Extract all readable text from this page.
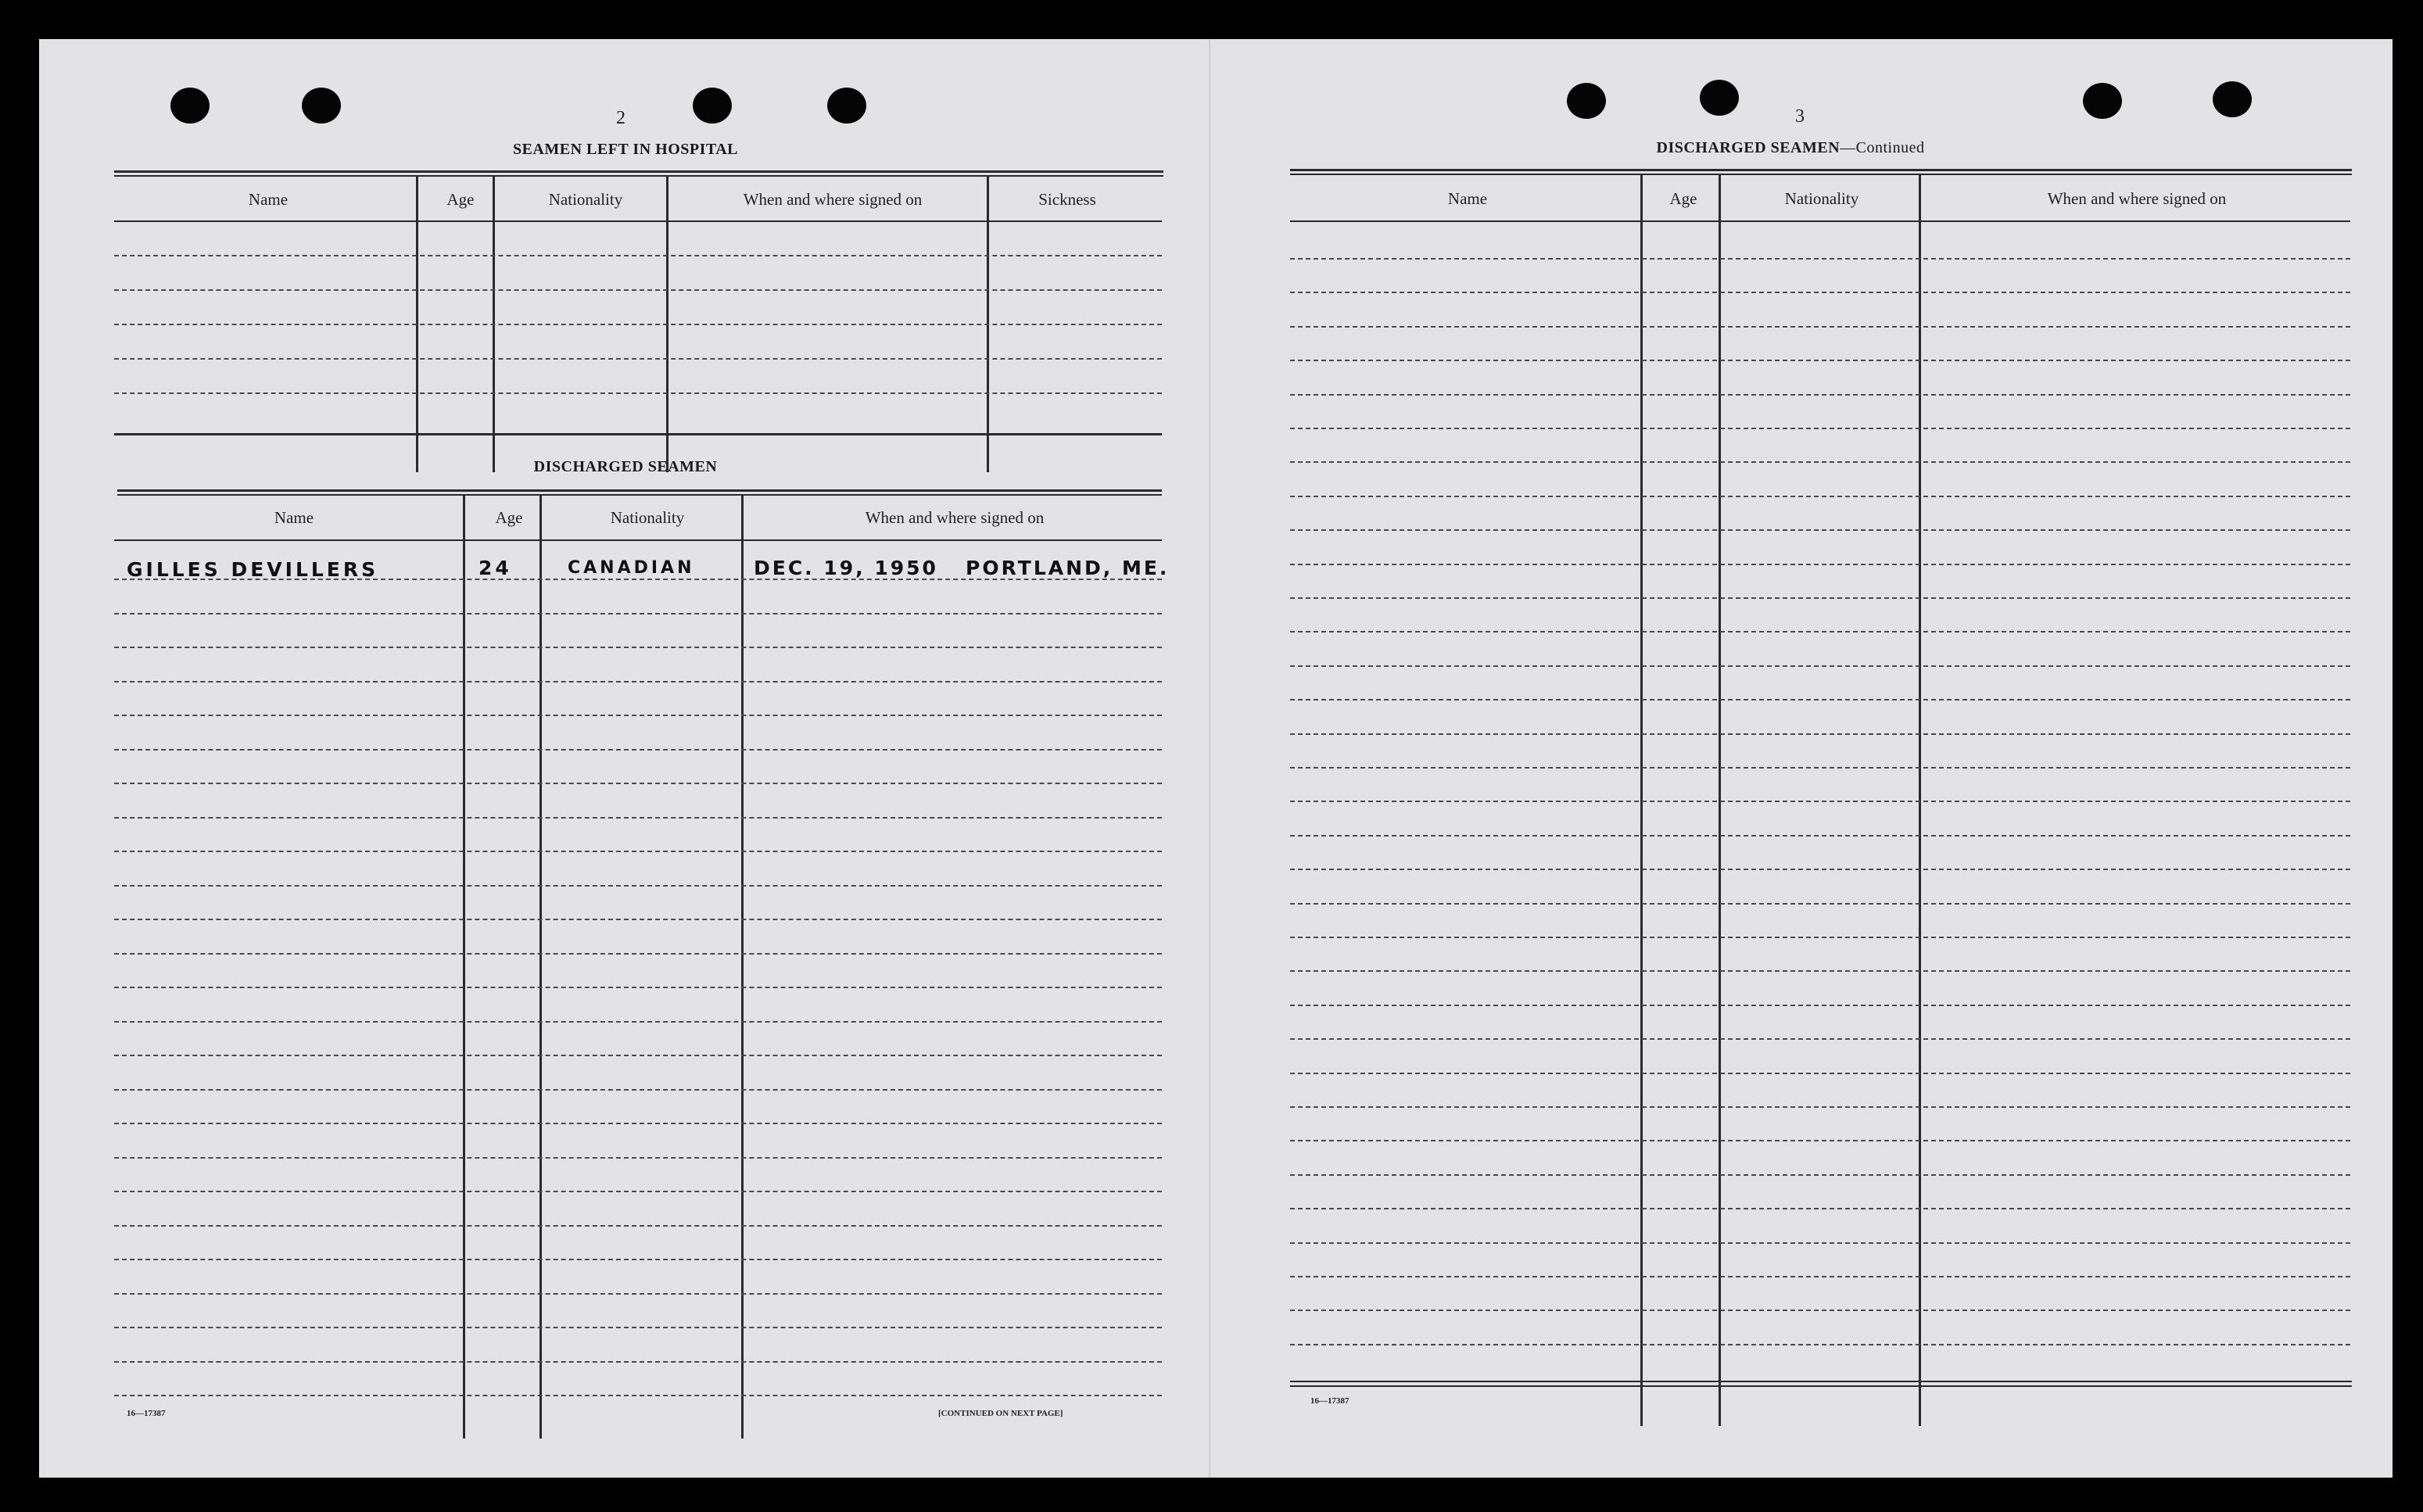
2
SEAMEN LEFT IN HOSPITAL
Name	Age	Nationality	When and where signed on	Sickness
DISCHARGED SEAMEN
Name	Age	Nationality	When and where signed on
GILLES DEVILLERS	24	CANADIAN	DEC. 19, 1950   PORTLAND, ME.
16—17387	[CONTINUED ON NEXT PAGE]
3
DISCHARGED SEAMEN—Continued
Name	Age	Nationality	When and where signed on
16—17387
